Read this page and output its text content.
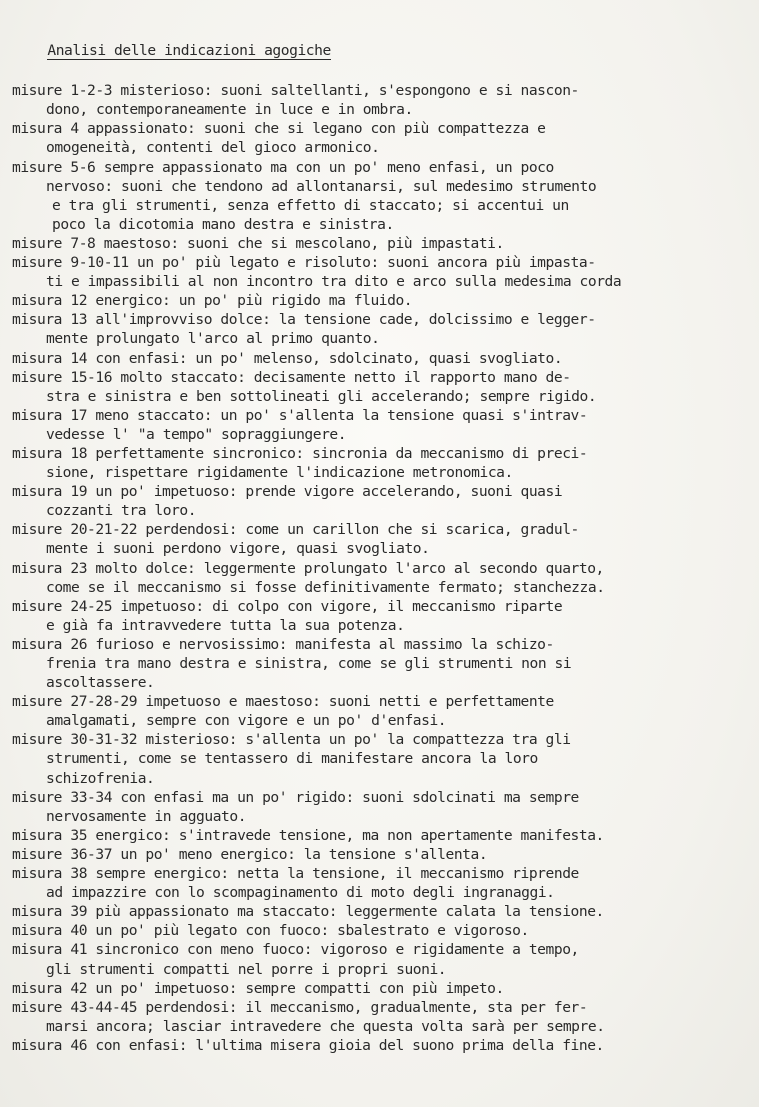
Analisi delle indicazioni agogiche

misure 1-2-3 misterioso: suoni saltellanti, s'espongono e si nascon-
dono, contemporaneamente in luce e in ombra.
misura 4 appassionato: suoni che si legano con più compattezza e
omogeneità, contenti del gioco armonico.
misure 5-6 sempre appassionato ma con un po' meno enfasi, un poco
nervoso: suoni che tendono ad allontanarsi, sul medesimo strumento
e tra gli strumenti, senza effetto di staccato; si accentui un
poco la dicotomia mano destra e sinistra.
misure 7-8 maestoso: suoni che si mescolano, più impastati.
misure 9-10-11 un po' più legato e risoluto: suoni ancora più impasta-
ti e impassibili al non incontro tra dito e arco sulla medesima corda
misura 12 energico: un po' più rigido ma fluido.
misura 13 all'improvviso dolce: la tensione cade, dolcissimo e legger-
mente prolungato l'arco al primo quanto.
misura 14 con enfasi: un po' melenso, sdolcinato, quasi svogliato.
misure 15-16 molto staccato: decisamente netto il rapporto mano de-
stra e sinistra e ben sottolineati gli accelerando; sempre rigido.
misura 17 meno staccato: un po' s'allenta la tensione quasi s'intrav-
vedesse l' "a tempo" sopraggiungere.
misura 18 perfettamente sincronico: sincronia da meccanismo di preci-
sione, rispettare rigidamente l'indicazione metronomica.
misura 19 un po' impetuoso: prende vigore accelerando, suoni quasi
cozzanti tra loro.
misure 20-21-22 perdendosi: come un carillon che si scarica, gradul-
mente i suoni perdono vigore, quasi svogliato.
misura 23 molto dolce: leggermente prolungato l'arco al secondo quarto,
come se il meccanismo si fosse definitivamente fermato; stanchezza.
misure 24-25 impetuoso: di colpo con vigore, il meccanismo riparte
e già fa intravvedere tutta la sua potenza.
misura 26 furioso e nervosissimo: manifesta al massimo la schizo-
frenia tra mano destra e sinistra, come se gli strumenti non si
ascoltassere.
misure 27-28-29 impetuoso e maestoso: suoni netti e perfettamente
amalgamati, sempre con vigore e un po' d'enfasi.
misure 30-31-32 misterioso: s'allenta un po' la compattezza tra gli
strumenti, come se tentassero di manifestare ancora la loro
schizofrenia.
misure 33-34 con enfasi ma un po' rigido: suoni sdolcinati ma sempre
nervosamente in agguato.
misura 35 energico: s'intravede tensione, ma non apertamente manifesta.
misure 36-37 un po' meno energico: la tensione s'allenta.
misura 38 sempre energico: netta la tensione, il meccanismo riprende
ad impazzire con lo scompaginamento di moto degli ingranaggi.
misura 39 più appassionato ma staccato: leggermente calata la tensione.
misura 40 un po' più legato con fuoco: sbalestrato e vigoroso.
misura 41 sincronico con meno fuoco: vigoroso e rigidamente a tempo,
gli strumenti compatti nel porre i propri suoni.
misura 42 un po' impetuoso: sempre compatti con più impeto.
misure 43-44-45 perdendosi: il meccanismo, gradualmente, sta per fer-
marsi ancora; lasciar intravedere che questa volta sarà per sempre.
misura 46 con enfasi: l'ultima misera gioia del suono prima della fine.
